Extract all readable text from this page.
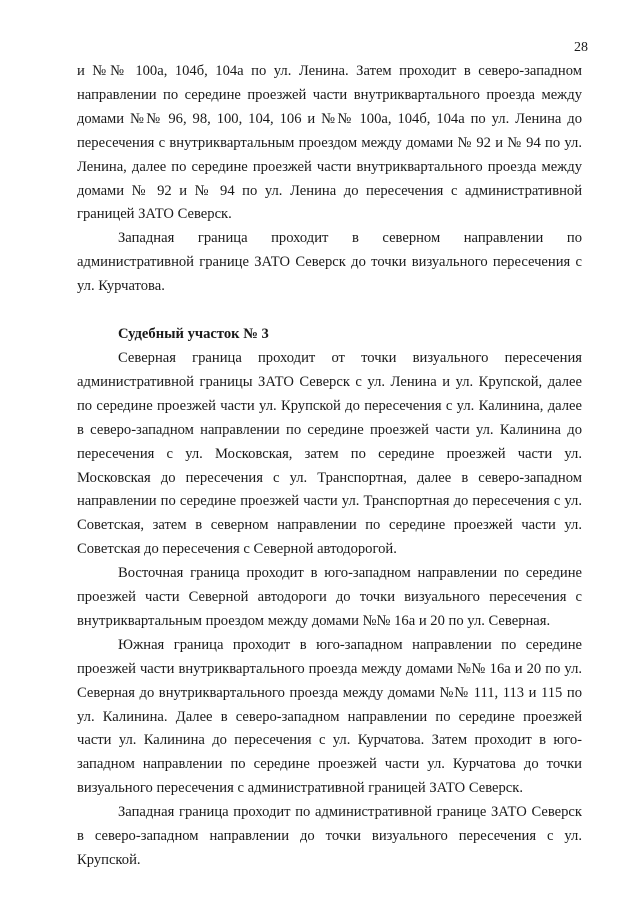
28

и №№ 100а, 104б, 104а по ул. Ленина. Затем проходит в северо-западном направлении по середине проезжей части внутриквартального проезда между домами №№ 96, 98, 100, 104, 106 и №№ 100а, 104б, 104а по ул. Ленина до пересечения с внутриквартальным проездом между домами № 92 и № 94 по ул. Ленина, далее по середине проезжей части внутриквартального проезда между домами № 92 и № 94 по ул. Ленина до пересечения с административной границей ЗАТО Северск.

Западная граница проходит в северном направлении по административной границе ЗАТО Северск до точки визуального пересечения с ул. Курчатова.

Судебный участок № 3

Северная граница проходит от точки визуального пересечения административной границы ЗАТО Северск с ул. Ленина и ул. Крупской, далее по середине проезжей части ул. Крупской до пересечения с ул. Калинина, далее в северо-западном направлении по середине проезжей части ул. Калинина до пересечения с ул. Московская, затем по середине проезжей части ул. Московская до пересечения с ул. Транспортная, далее в северо-западном направлении по середине проезжей части ул. Транспортная до пересечения с ул. Советская, затем в северном направлении по середине проезжей части ул. Советская до пересечения с Северной автодорогой.

Восточная граница проходит в юго-западном направлении по середине проезжей части Северной автодороги до точки визуального пересечения с внутриквартальным проездом между домами №№ 16а и 20 по ул. Северная.

Южная граница проходит в юго-западном направлении по середине проезжей части внутриквартального проезда между домами №№ 16а и 20 по ул. Северная до внутриквартального проезда между домами №№ 111, 113 и 115 по ул. Калинина. Далее в северо-западном направлении по середине проезжей части ул. Калинина до пересечения с ул. Курчатова. Затем проходит в юго-западном направлении по середине проезжей части ул. Курчатова до точки визуального пересечения с административной границей ЗАТО Северск.

Западная граница проходит по административной границе ЗАТО Северск в северо-западном направлении до точки визуального пересечения с ул. Крупской.
